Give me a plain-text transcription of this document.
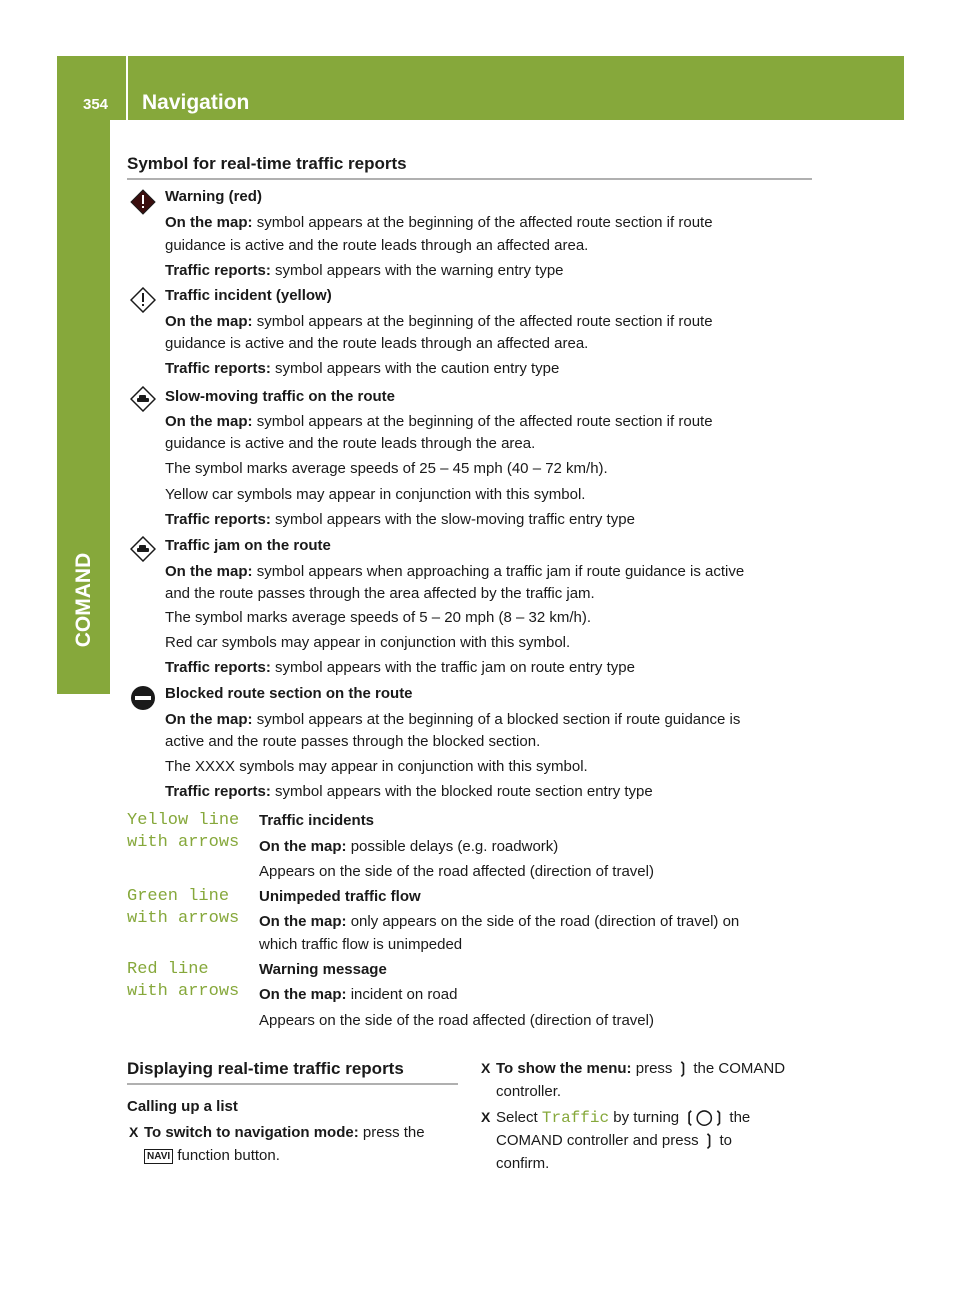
354 Navigation
COMAND
Symbol for real-time traffic reports
Warning (red)
On the map: symbol appears at the beginning of the affected route section if route
guidance is active and the route leads through an affected area.
Traffic reports: symbol appears with the warning entry type
Traffic incident (yellow)
On the map: symbol appears at the beginning of the affected route section if route
guidance is active and the route leads through an affected area.
Traffic reports: symbol appears with the caution entry type
Slow-moving traffic on the route
On the map: symbol appears at the beginning of the affected route section if route
guidance is active and the route leads through the area.
The symbol marks average speeds of 25 – 45 mph (40 – 72 km/h).
Yellow car symbols may appear in conjunction with this symbol.
Traffic reports: symbol appears with the slow-moving traffic entry type
Traffic jam on the route
On the map: symbol appears when approaching a traffic jam if route guidance is active
and the route passes through the area affected by the traffic jam.
The symbol marks average speeds of 5 – 20 mph (8 – 32 km/h).
Red car symbols may appear in conjunction with this symbol.
Traffic reports: symbol appears with the traffic jam on route entry type
Blocked route section on the route
On the map: symbol appears at the beginning of a blocked section if route guidance is
active and the route passes through the blocked section.
The XXXX symbols may appear in conjunction with this symbol.
Traffic reports: symbol appears with the blocked route section entry type
Yellow line
with arrows
Traffic incidents
On the map: possible delays (e.g. roadwork)
Appears on the side of the road affected (direction of travel)
Green line
with arrows
Unimpeded traffic flow
On the map: only appears on the side of the road (direction of travel) on
which traffic flow is unimpeded
Red line
with arrows
Warning message
On the map: incident on road
Appears on the side of the road affected (direction of travel)
Displaying real-time traffic reports
Calling up a list
X To switch to navigation mode: press the
NAVI function button.
X To show the menu: press ❳ the COMAND
controller.
X Select Traffic by turning ❲◯❳ the
COMAND controller and press ❳ to
confirm.
